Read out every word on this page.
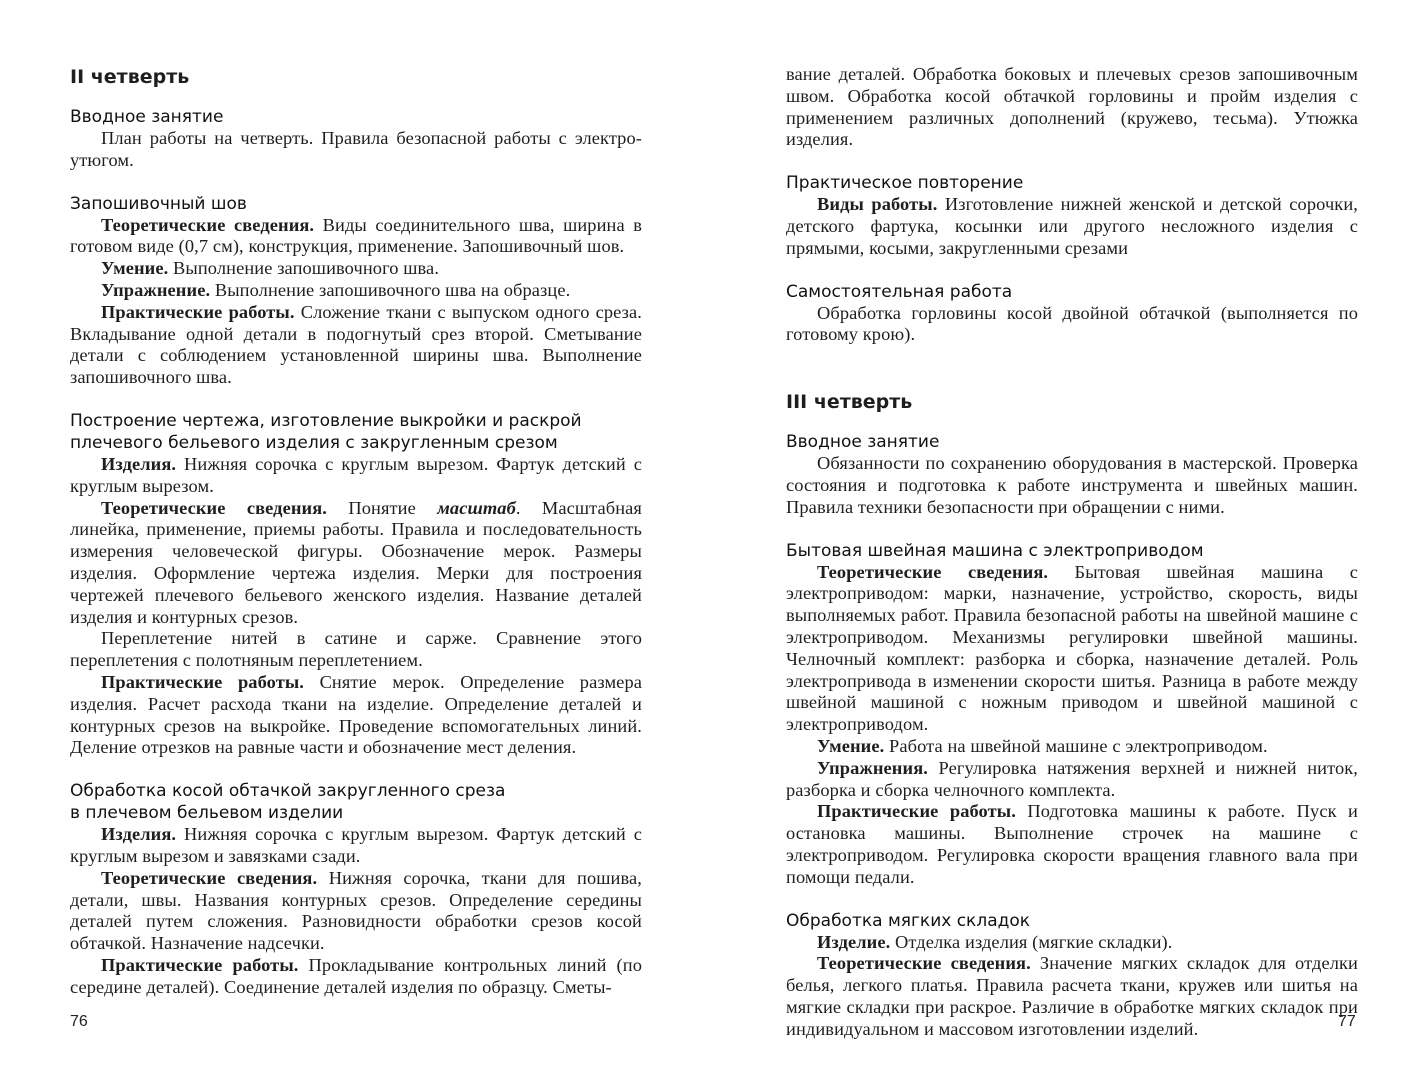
II четверть
Вводное занятие

План работы на четверть. Правила безопасной работы с электро-утюгом.

Запошивочный шов

Теоретические сведения. Виды соединительного шва, ширина в готовом виде (0,7 см), конструкция, применение. Запошивочный шов.

Умение. Выполнение запошивочного шва.

Упражнение. Выполнение запошивочного шва на образце.

Практические работы. Сложение ткани с выпуском одного среза. Вкладывание одной детали в подогнутый срез второй. Сметывание детали с соблюдением установленной ширины шва. Выполнение запошивочного шва.

Построение чертежа, изготовление выкройки и раскрой
плечевого бельевого изделия с закругленным срезом

Изделия. Нижняя сорочка с круглым вырезом. Фартук детский с круглым вырезом.

Теоретические сведения. Понятие масштаб. Масштабная линейка, применение, приемы работы. Правила и последовательность измерения человеческой фигуры. Обозначение мерок. Размеры изделия. Оформление чертежа изделия. Мерки для построения чертежей плечевого бельевого женского изделия. Название деталей изделия и контурных срезов.

Переплетение нитей в сатине и сарже. Сравнение этого переплетения с полотняным переплетением.

Практические работы. Снятие мерок. Определение размера изделия. Расчет расхода ткани на изделие. Определение деталей и контурных срезов на выкройке. Проведение вспомогательных линий. Деление отрезков на равные части и обозначение мест деления.

Обработка косой обтачкой закругленного среза
в плечевом бельевом изделии

Изделия. Нижняя сорочка с круглым вырезом. Фартук детский с круглым вырезом и завязками сзади.

Теоретические сведения. Нижняя сорочка, ткани для пошива, детали, швы. Названия контурных срезов. Определение середины деталей путем сложения. Разновидности обработки срезов косой обтачкой. Назначение надсечки.

Практические работы. Прокладывание контрольных линий (по середине деталей). Соединение деталей изделия по образцу. Сметы-

76

вание деталей. Обработка боковых и плечевых срезов запошивочным швом. Обработка косой обтачкой горловины и пройм изделия с применением различных дополнений (кружево, тесьма). Утюжка изделия.

Практическое повторение

Виды работы. Изготовление нижней женской и детской сорочки, детского фартука, косынки или другого несложного изделия с прямыми, косыми, закругленными срезами

Самостоятельная работа

Обработка горловины косой двойной обтачкой (выполняется по готовому крою).

III четверть
Вводное занятие

Обязанности по сохранению оборудования в мастерской. Проверка состояния и подготовка к работе инструмента и швейных машин. Правила техники безопасности при обращении с ними.

Бытовая швейная машина с электроприводом

Теоретические сведения. Бытовая швейная машина с электроприводом: марки, назначение, устройство, скорость, виды выполняемых работ. Правила безопасной работы на швейной машине с электроприводом. Механизмы регулировки швейной машины. Челночный комплект: разборка и сборка, назначение деталей. Роль электропривода в изменении скорости шитья. Разница в работе между швейной машиной с ножным приводом и швейной машиной с электроприводом.

Умение. Работа на швейной машине с электроприводом.

Упражнения. Регулировка натяжения верхней и нижней ниток, разборка и сборка челночного комплекта.

Практические работы. Подготовка машины к работе. Пуск и остановка машины. Выполнение строчек на машине с электроприводом. Регулировка скорости вращения главного вала при помощи педали.

Обработка мягких складок

Изделие. Отделка изделия (мягкие складки).

Теоретические сведения. Значение мягких складок для отделки белья, легкого платья. Правила расчета ткани, кружев или шитья на мягкие складки при раскрое. Различие в обработке мягких складок при индивидуальном и массовом изготовлении изделий.	77
